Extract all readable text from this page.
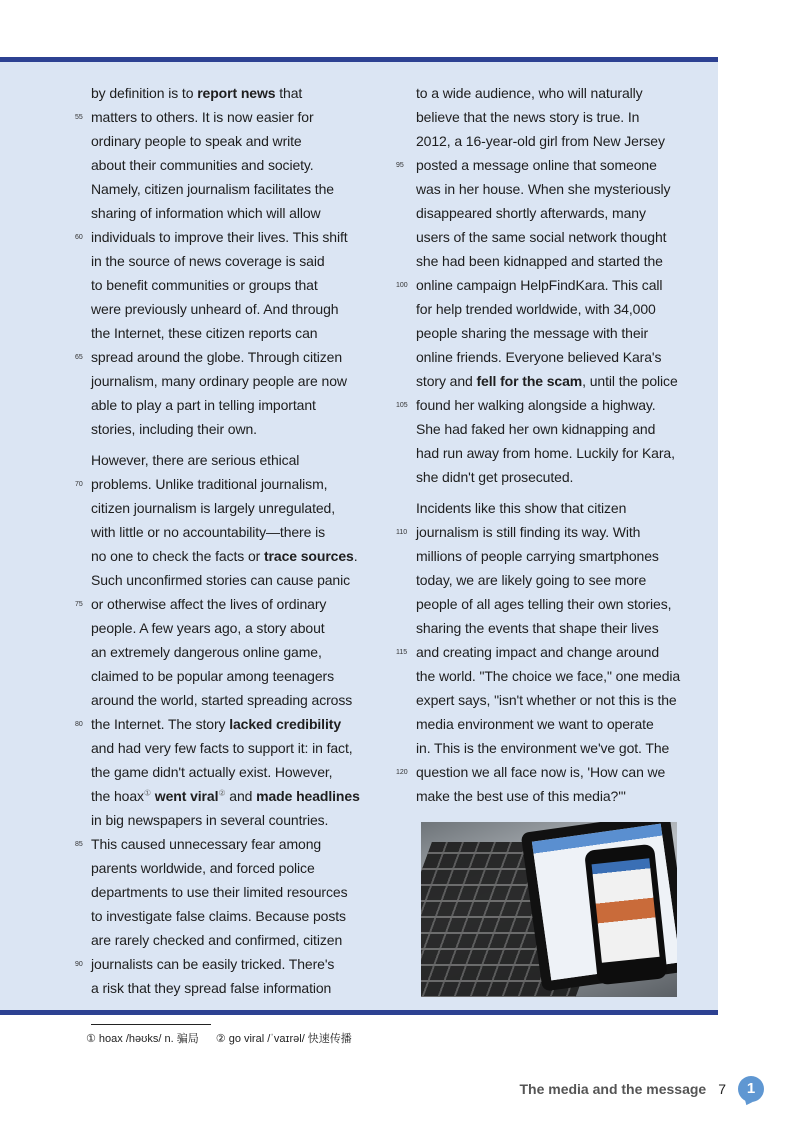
by definition is to report news that
matters to others. It is now easier for
55
ordinary people to speak and write
about their communities and society.
Namely, citizen journalism facilitates the
sharing of information which will allow
individuals to improve their lives. This shift
60
in the source of news coverage is said
to benefit communities or groups that
were previously unheard of. And through
the Internet, these citizen reports can
spread around the globe. Through citizen
65
journalism, many ordinary people are now
able to play a part in telling important
stories, including their own.
However, there are serious ethical
problems. Unlike traditional journalism,
70
citizen journalism is largely unregulated,
with little or no accountability—there is
no one to check the facts or trace sources.
Such unconfirmed stories can cause panic
or otherwise affect the lives of ordinary
75
people. A few years ago, a story about
an extremely dangerous online game,
claimed to be popular among teenagers
around the world, started spreading across
the Internet. The story lacked credibility
80
and had very few facts to support it: in fact,
the game didn't actually exist. However,
the hoax① went viral② and made headlines
in big newspapers in several countries.
This caused unnecessary fear among
85
parents worldwide, and forced police
departments to use their limited resources
to investigate false claims. Because posts
are rarely checked and confirmed, citizen
journalists can be easily tricked. There's
90
a risk that they spread false information
to a wide audience, who will naturally
believe that the news story is true. In
2012, a 16-year-old girl from New Jersey
posted a message online that someone
95
was in her house. When she mysteriously
disappeared shortly afterwards, many
users of the same social network thought
she had been kidnapped and started the
online campaign HelpFindKara. This call
100
for help trended worldwide, with 34,000
people sharing the message with their
online friends. Everyone believed Kara's
story and fell for the scam, until the police
found her walking alongside a highway.
105
She had faked her own kidnapping and
had run away from home. Luckily for Kara,
she didn't get prosecuted.
Incidents like this show that citizen
journalism is still finding its way. With
110
millions of people carrying smartphones
today, we are likely going to see more
people of all ages telling their own stories,
sharing the events that shape their lives
and creating impact and change around
115
the world. "The choice we face," one media
expert says, "isn't whether or not this is the
media environment we want to operate
in. This is the environment we've got. The
question we all face now is, 'How can we
120
make the best use of this media?'"
① hoax /həʊks/ n. 骗局 ② go viral /ˈvaɪrəl/ 快速传播
The media and the message 7	1
